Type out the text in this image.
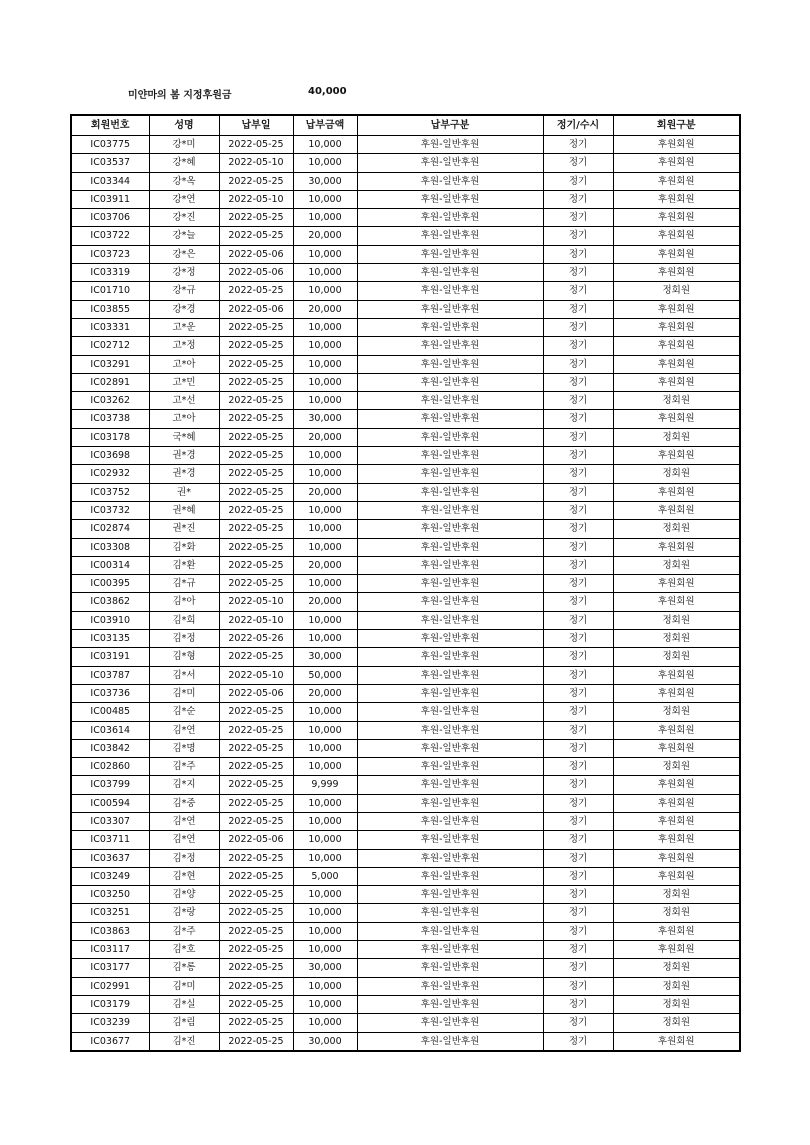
미얀마의 봄 지정후원금	40,000
회원번호	성명	납부일	납부금액	납부구분	정기/수시	회원구분
IC03775	강*미	2022-05-25	10,000	후원-일반후원	정기	후원회원
IC03537	강*혜	2022-05-10	10,000	후원-일반후원	정기	후원회원
IC03344	강*옥	2022-05-25	30,000	후원-일반후원	정기	후원회원
IC03911	강*연	2022-05-10	10,000	후원-일반후원	정기	후원회원
IC03706	강*진	2022-05-25	10,000	후원-일반후원	정기	후원회원
IC03722	강*늘	2022-05-25	20,000	후원-일반후원	정기	후원회원
IC03723	강*은	2022-05-06	10,000	후원-일반후원	정기	후원회원
IC03319	강*정	2022-05-06	10,000	후원-일반후원	정기	후원회원
IC01710	강*규	2022-05-25	10,000	후원-일반후원	정기	정회원
IC03855	강*경	2022-05-06	20,000	후원-일반후원	정기	후원회원
IC03331	고*운	2022-05-25	10,000	후원-일반후원	정기	후원회원
IC02712	고*정	2022-05-25	10,000	후원-일반후원	정기	후원회원
IC03291	고*아	2022-05-25	10,000	후원-일반후원	정기	후원회원
IC02891	고*민	2022-05-25	10,000	후원-일반후원	정기	후원회원
IC03262	고*선	2022-05-25	10,000	후원-일반후원	정기	정회원
IC03738	고*아	2022-05-25	30,000	후원-일반후원	정기	후원회원
IC03178	국*혜	2022-05-25	20,000	후원-일반후원	정기	정회원
IC03698	권*경	2022-05-25	10,000	후원-일반후원	정기	후원회원
IC02932	권*경	2022-05-25	10,000	후원-일반후원	정기	정회원
IC03752	권*	2022-05-25	20,000	후원-일반후원	정기	후원회원
IC03732	권*혜	2022-05-25	10,000	후원-일반후원	정기	후원회원
IC02874	권*진	2022-05-25	10,000	후원-일반후원	정기	정회원
IC03308	김*화	2022-05-25	10,000	후원-일반후원	정기	후원회원
IC00314	김*환	2022-05-25	20,000	후원-일반후원	정기	정회원
IC00395	김*규	2022-05-25	10,000	후원-일반후원	정기	후원회원
IC03862	김*아	2022-05-10	20,000	후원-일반후원	정기	후원회원
IC03910	김*희	2022-05-10	10,000	후원-일반후원	정기	정회원
IC03135	김*정	2022-05-26	10,000	후원-일반후원	정기	정회원
IC03191	김*형	2022-05-25	30,000	후원-일반후원	정기	정회원
IC03787	김*서	2022-05-10	50,000	후원-일반후원	정기	후원회원
IC03736	김*미	2022-05-06	20,000	후원-일반후원	정기	후원회원
IC00485	김*순	2022-05-25	10,000	후원-일반후원	정기	정회원
IC03614	김*연	2022-05-25	10,000	후원-일반후원	정기	후원회원
IC03842	김*명	2022-05-25	10,000	후원-일반후원	정기	후원회원
IC02860	김*주	2022-05-25	10,000	후원-일반후원	정기	정회원
IC03799	김*지	2022-05-25	9,999	후원-일반후원	정기	후원회원
IC00594	김*중	2022-05-25	10,000	후원-일반후원	정기	후원회원
IC03307	김*연	2022-05-25	10,000	후원-일반후원	정기	후원회원
IC03711	김*연	2022-05-06	10,000	후원-일반후원	정기	후원회원
IC03637	김*정	2022-05-25	10,000	후원-일반후원	정기	후원회원
IC03249	김*현	2022-05-25	5,000	후원-일반후원	정기	후원회원
IC03250	김*양	2022-05-25	10,000	후원-일반후원	정기	정회원
IC03251	김*랑	2022-05-25	10,000	후원-일반후원	정기	정회원
IC03863	김*주	2022-05-25	10,000	후원-일반후원	정기	후원회원
IC03117	김*호	2022-05-25	10,000	후원-일반후원	정기	후원회원
IC03177	김*롱	2022-05-25	30,000	후원-일반후원	정기	정회원
IC02991	김*미	2022-05-25	10,000	후원-일반후원	정기	정회원
IC03179	김*실	2022-05-25	10,000	후원-일반후원	정기	정회원
IC03239	김*림	2022-05-25	10,000	후원-일반후원	정기	정회원
IC03677	김*진	2022-05-25	30,000	후원-일반후원	정기	후원회원
